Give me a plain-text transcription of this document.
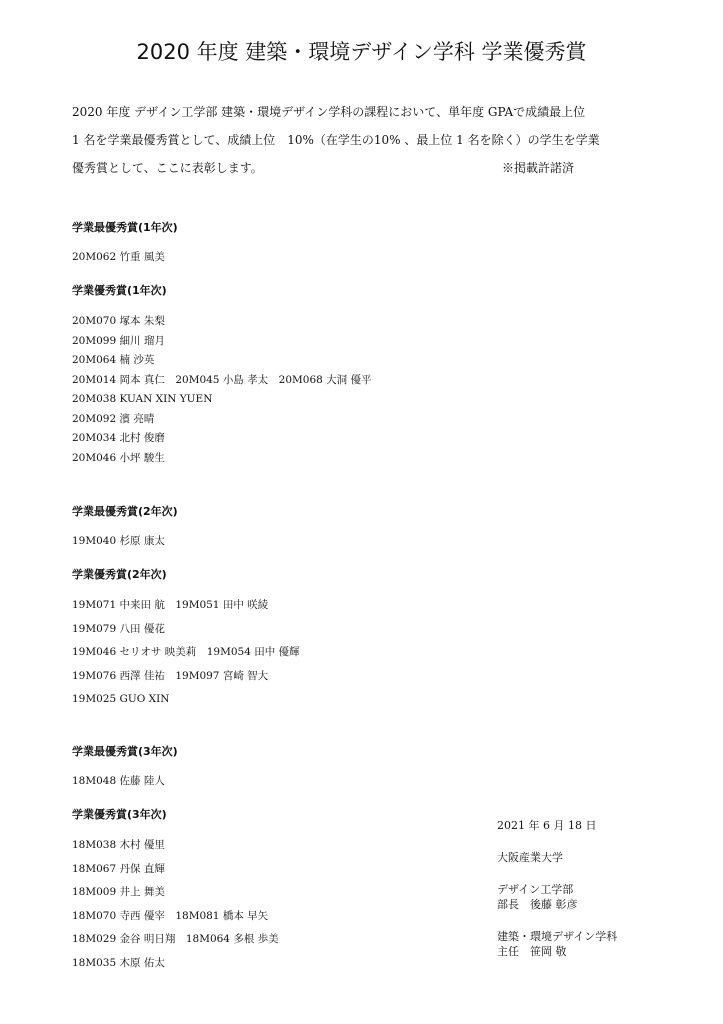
2020 年度 建築・環境デザイン学科 学業優秀賞
2020 年度 デザイン工学部 建築・環境デザイン学科の課程において、単年度 GPAで成績最上位
1 名を学業最優秀賞として、成績上位　10%（在学生の10% 、最上位 1 名を除く）の学生を学業
優秀賞として、ここに表彰します。	※掲載許諾済
学業最優秀賞(1年次)
20M062 竹重 風美
学業優秀賞(1年次)
20M070 塚本 朱梨
20M099 細川 瑠月
20M064 楠 沙英
20M014 岡本 真仁　20M045 小島 孝太　20M068 大洞 優平
20M038 KUAN XIN YUEN
20M092 濱 亮晴
20M034 北村 俊磨
20M046 小坪 駿生
学業最優秀賞(2年次)
19M040 杉原 康太
学業優秀賞(2年次)
19M071 中来田 航　19M051 田中 咲綾
19M079 八田 優花
19M046 セリオサ 映美莉　19M054 田中 優輝
19M076 西澤 佳祐　19M097 宮崎 智大
19M025 GUO XIN
学業最優秀賞(3年次)
18M048 佐藤 陸人
学業優秀賞(3年次)
18M038 木村 優里
18M067 丹保 直輝
18M009 井上 舞美
18M070 寺西 優宰　18M081 橋本 早矢
18M029 金谷 明日翔　18M064 多根 歩美
18M035 木原 佑太
2021 年 6 月 18 日
大阪産業大学
デザイン工学部
部長　後藤 彰彦
建築・環境デザイン学科
主任　笹岡 敬
